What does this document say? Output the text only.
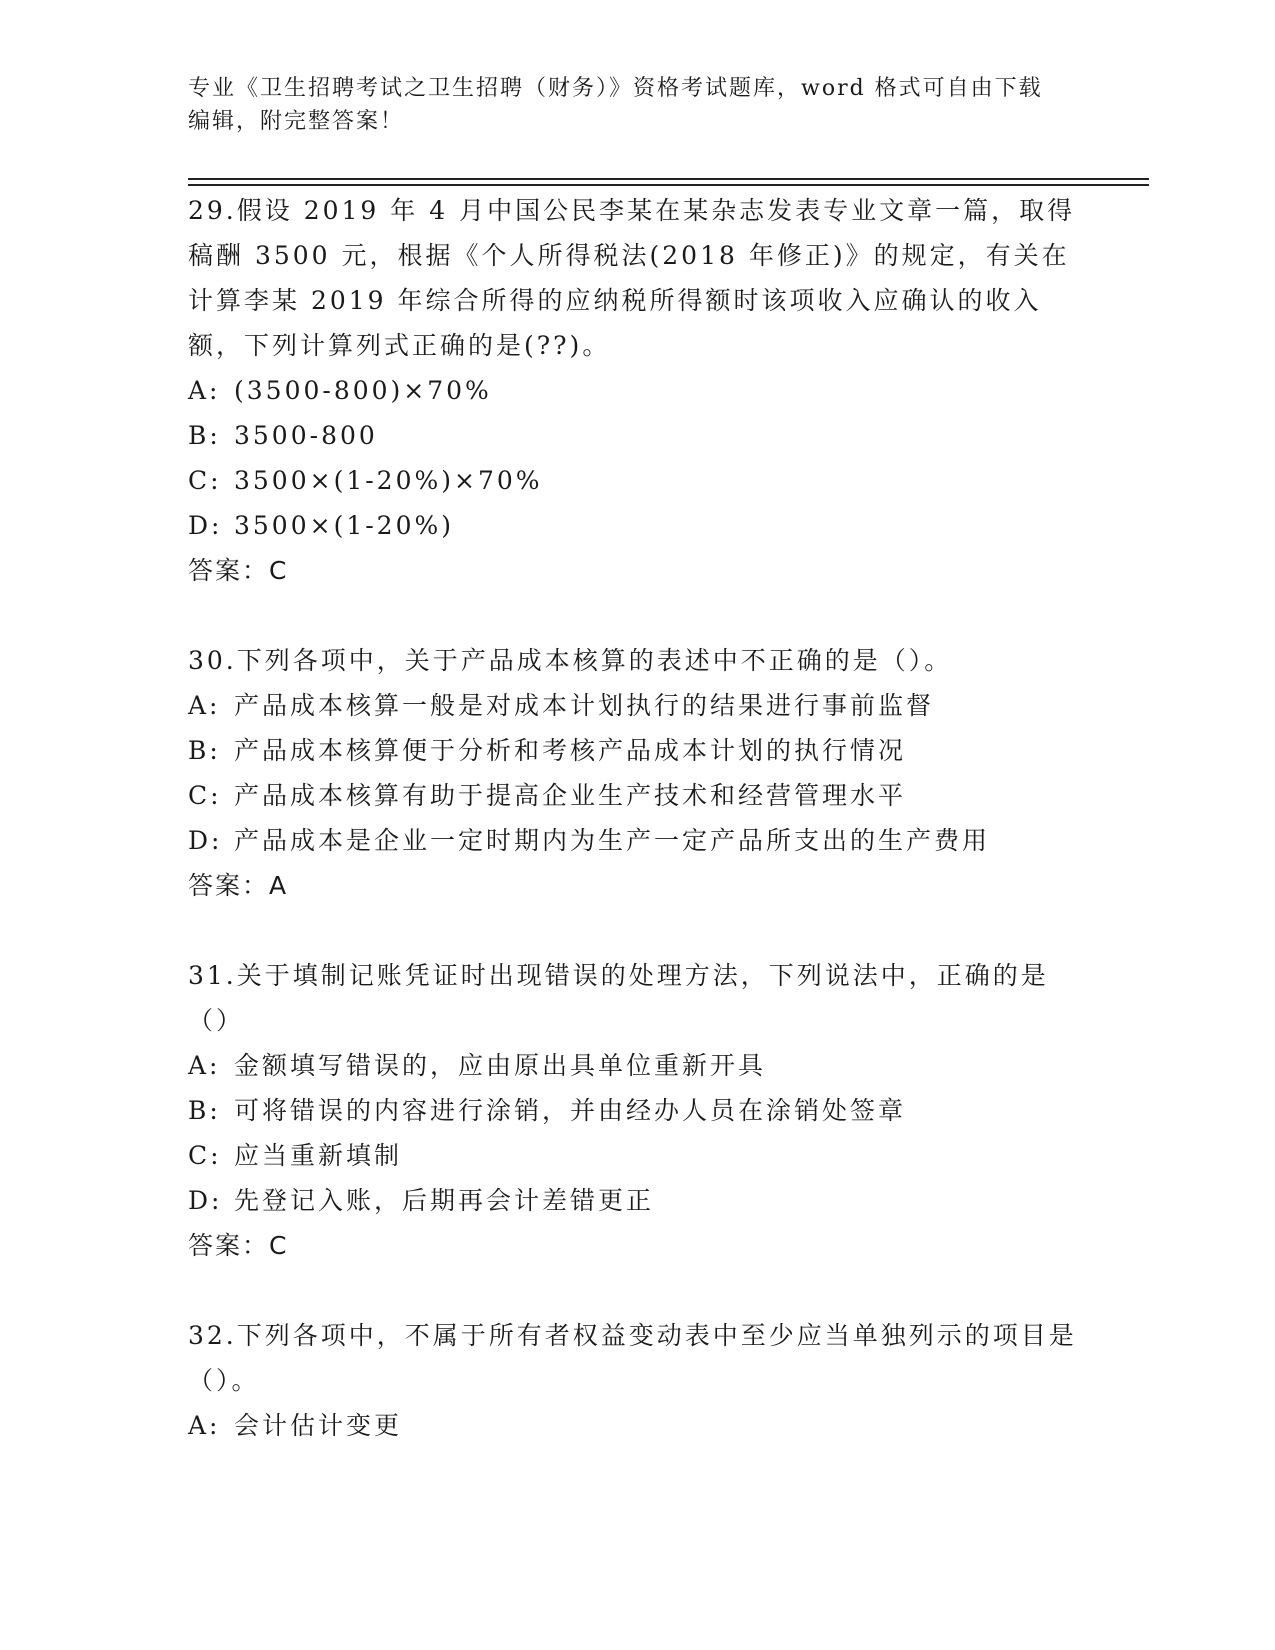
专业《卫生招聘考试之卫生招聘（财务）》资格考试题库，word 格式可自由下载
编辑，附完整答案！
29.假设 2019 年 4 月中国公民李某在某杂志发表专业文章一篇，取得稿酬 3500 元，根据《个人所得税法(2018 年修正)》的规定，有关在计算李某 2019 年综合所得的应纳税所得额时该项收入应确认的收入额，下列计算列式正确的是(??)。
A: (3500-800)×70%
B: 3500-800
C: 3500×(1-20%)×70%
D: 3500×(1-20%)
答案：C
30.下列各项中，关于产品成本核算的表述中不正确的是（）。
A: 产品成本核算一般是对成本计划执行的结果进行事前监督
B: 产品成本核算便于分析和考核产品成本计划的执行情况
C: 产品成本核算有助于提高企业生产技术和经营管理水平
D: 产品成本是企业一定时期内为生产一定产品所支出的生产费用
答案：A
31.关于填制记账凭证时出现错误的处理方法，下列说法中，正确的是（）
A: 金额填写错误的，应由原出具单位重新开具
B: 可将错误的内容进行涂销，并由经办人员在涂销处签章
C: 应当重新填制
D: 先登记入账，后期再会计差错更正
答案：C
32.下列各项中，不属于所有者权益变动表中至少应当单独列示的项目是（）。
A: 会计估计变更
